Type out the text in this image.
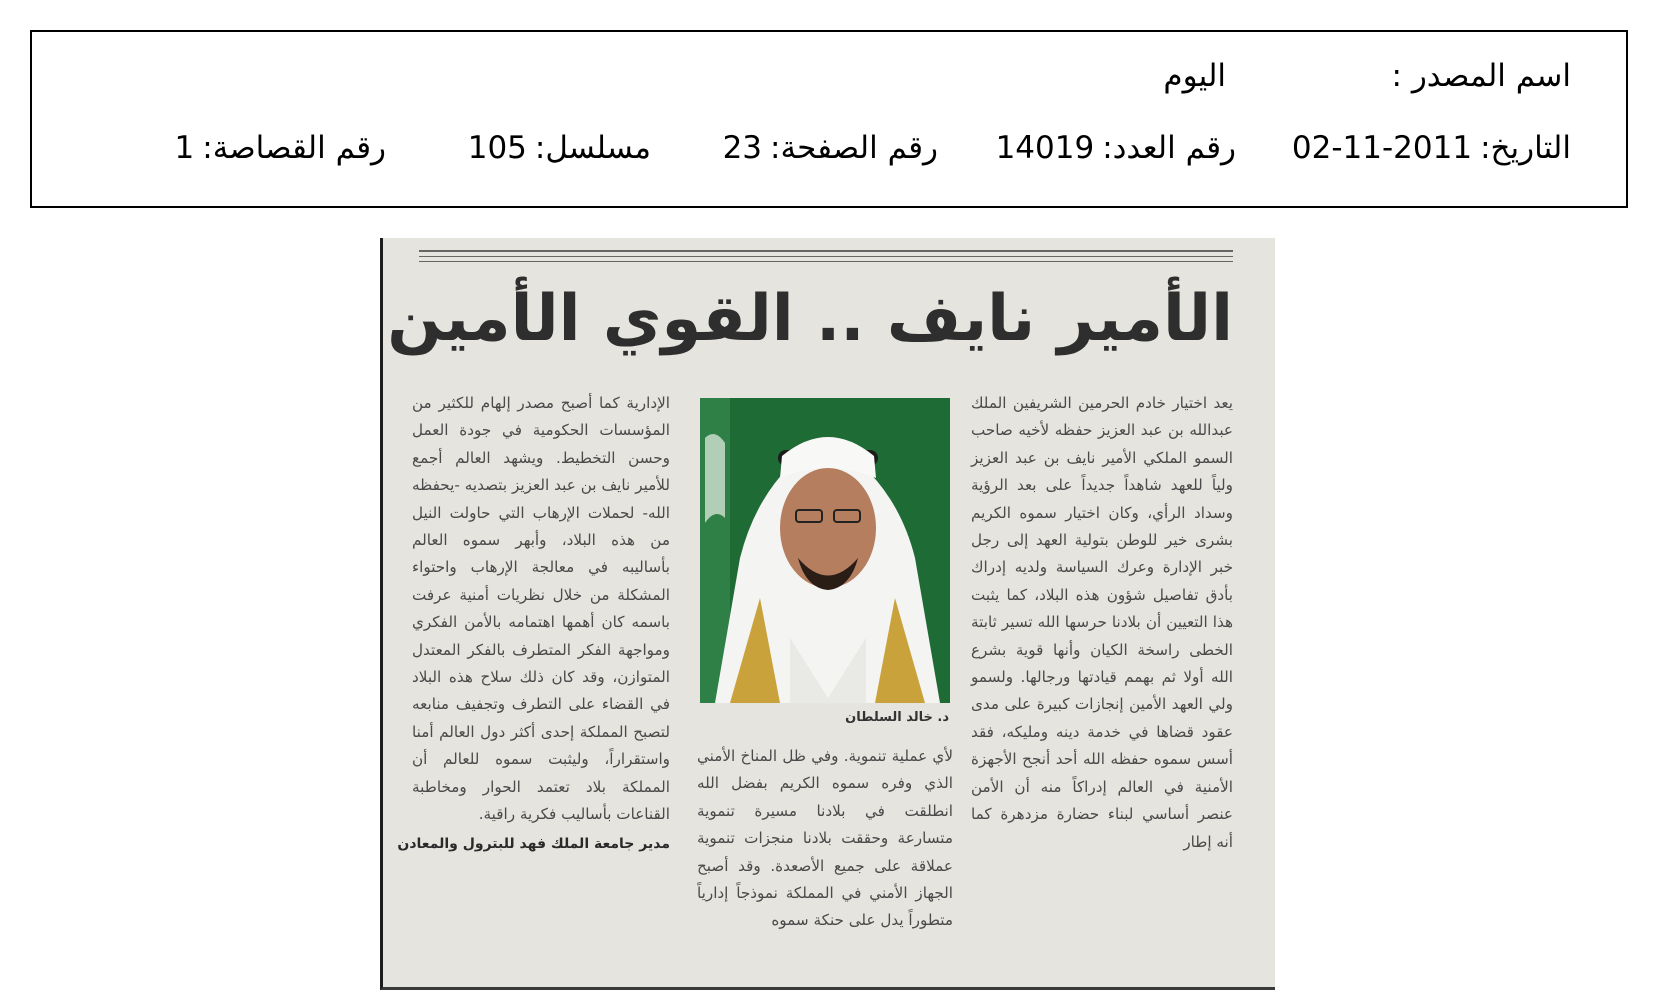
اسم المصدر :
اليوم
التاريخ:2011-11-02
رقم العدد:14019
رقم الصفحة:23
مسلسل:105
رقم القصاصة:1
الأمير نايف .. القوي الأمين

يعد اختيار خادم الحرمين الشريفين الملك عبدالله بن عبد العزيز حفظه لأخيه صاحب السمو الملكي الأمير نايف بن عبد العزيز ولياً للعهد شاهداً جديداً على بعد الرؤية وسداد الرأي، وكان اختيار سموه الكريم بشرى خير للوطن بتولية العهد إلى رجل خبر الإدارة وعرك السياسة ولديه إدراك بأدق تفاصيل شؤون هذه البلاد، كما يثبت هذا التعيين أن بلادنا حرسها الله تسير ثابتة الخطى راسخة الكيان وأنها قوية بشرع الله أولا ثم بهمم قيادتها ورجالها. ولسمو ولي العهد الأمين إنجازات كبيرة على مدى عقود قضاها في خدمة دينه ومليكه، فقد أسس سموه حفظه الله أحد أنجح الأجهزة الأمنية في العالم إدراكاً منه أن الأمن عنصر أساسي لبناء حضارة مزدهرة كما أنه إطار

د. خالد السلطان

لأي عملية تنموية. وفي ظل المناخ الأمني الذي وفره سموه الكريم بفضل الله انطلقت في بلادنا مسيرة تنموية متسارعة وحققت بلادنا منجزات تنموية عملاقة على جميع الأصعدة. وقد أصبح الجهاز الأمني في المملكة نموذجاً إدارياً متطوراً يدل على حنكة سموه

الإدارية كما أصبح مصدر إلهام للكثير من المؤسسات الحكومية في جودة العمل وحسن التخطيط. ويشهد العالم أجمع للأمير نايف بن عبد العزيز بتصديه -يحفظه الله- لحملات الإرهاب التي حاولت النيل من هذه البلاد، وأبهر سموه العالم بأساليبه في معالجة الإرهاب واحتواء المشكلة من خلال نظريات أمنية عرفت باسمه كان أهمها اهتمامه بالأمن الفكري ومواجهة الفكر المتطرف بالفكر المعتدل المتوازن، وقد كان ذلك سلاح هذه البلاد في القضاء على التطرف وتجفيف منابعه لتصبح المملكة إحدى أكثر دول العالم أمنا واستقراراً، وليثبت سموه للعالم أن المملكة بلاد تعتمد الحوار ومخاطبة القناعات بأساليب فكرية راقية.

مدير جامعة الملك فهد للبترول والمعادن
